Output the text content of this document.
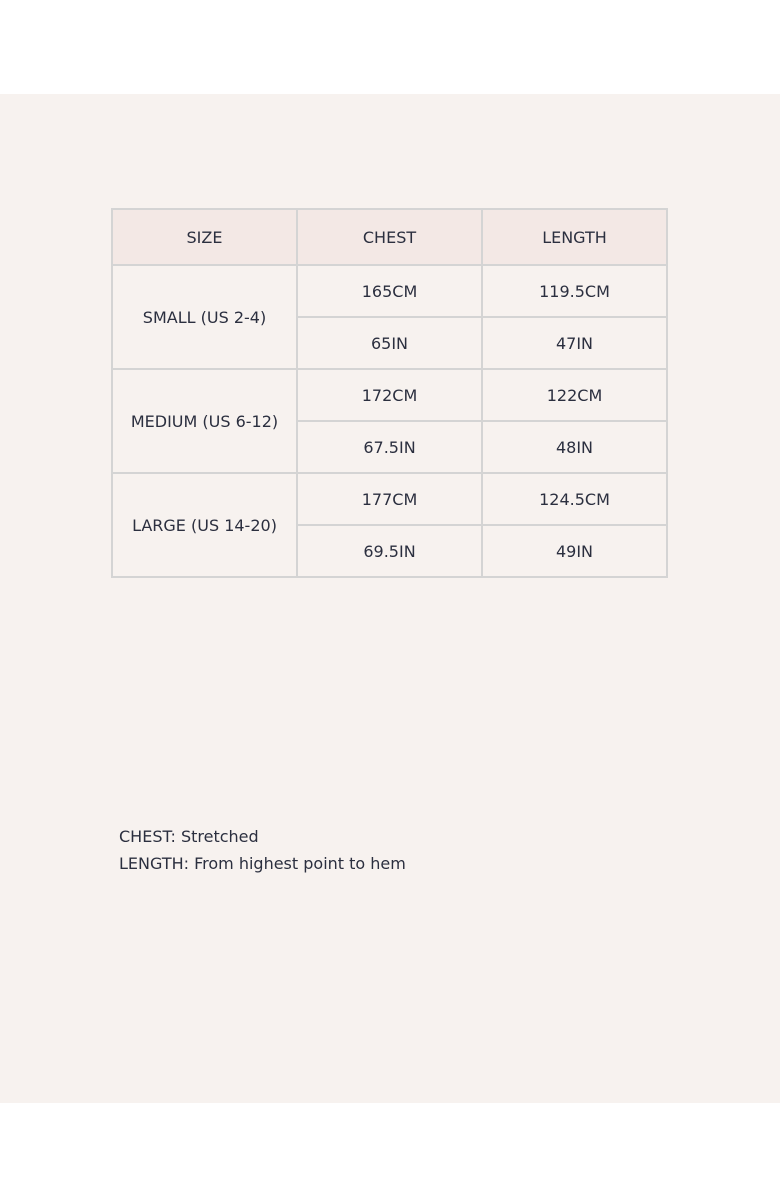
SIZE	CHEST	LENGTH
SMALL (US 2-4)	165CM	119.5CM
	65IN	47IN
MEDIUM (US 6-12)	172CM	122CM
	67.5IN	48IN
LARGE (US 14-20)	177CM	124.5CM
	69.5IN	49IN
CHEST: Stretched
LENGTH: From highest point to hem
